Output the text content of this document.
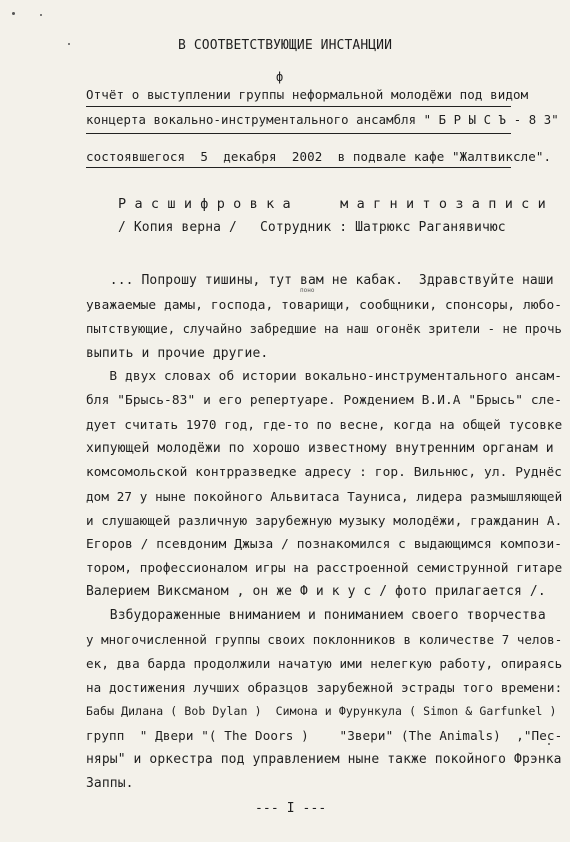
В СООТВЕТСТВУЮЩИЕ ИНСТАНЦИИ
ф
Отчёт о выступлении группы неформальной молодёжи под видом
концерта вокально-инструментального ансамбля " Б Р Ы С Ъ - 8 3"
состоявшегося  5  декабря  2002  в подвале кафе "Жалтвиксле".
Р а с ш и ф р о в к а      м а г н и т о з а п и с и
/ Копия верна / Сотрудник : Шатрюкс Раганявичюс
поно
... Попрошу тишины, тут вам не кабак.  Здравствуйте наши
уважаемые дамы, господа, товарищи, сообщники, спонсоры, любо-
пытствующие, случайно забредшие на наш огонёк зрители - не прочь
выпить и прочие другие.
В двух словах об истории вокально-инструментального ансам-
бля "Брысь-83" и его репертуаре. Рождением В.И.А "Брысь" сле-
дует считать 1970 год, где-то по весне, когда на общей тусовке
хипующей молодёжи по хорошо известному внутренним органам и
комсомольской контрразведке адресу : гор. Вильнюс, ул. Руднёс
дом 27 у ныне покойного Альвитаса Тауниса, лидера размышляющей
и слушающей различную зарубежную музыку молодёжи, гражданин А.
Егоров / псевдоним Джыза / познакомился с выдающимся компози-
тором, профессионалом игры на расстроенной семиструнной гитаре
Валерием Виксманом , он же Ф и к у с / фото прилагается /.
Взбудораженные вниманием и пониманием своего творчества
у многочисленной группы своих поклонников в количестве 7 челов-
ек, два барда продолжили начатую ими нелегкую работу, опираясь
на достижения лучших образцов зарубежной эстрады того времени:
Бабы Дилана ( Bob Dylan )  Симона и Фурункула ( Simon & Garfunkel )
групп  " Двери "( The Doors )    "Звери" (The Animals)  ,"Пес-
няры" и оркестра под управлением ныне также покойного Фрэнка
Заппы.
--- I ---
